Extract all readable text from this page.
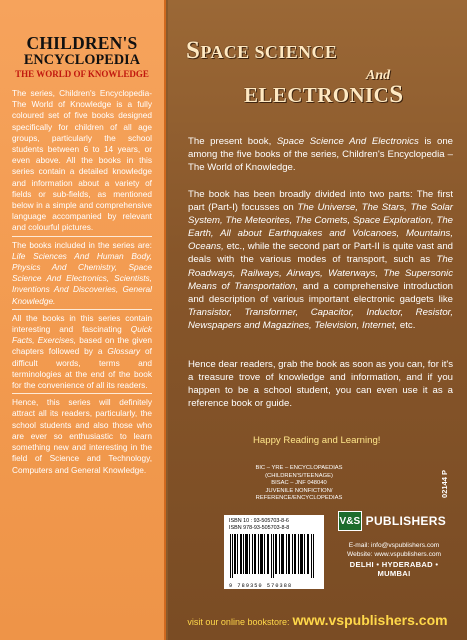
CHILDREN'S
ENCYCLOPEDIA
THE WORLD OF KNOWLEDGE

The series, Children's Encyclopedia-The World of Knowledge is a fully coloured set of five books designed specifically for children of all age groups, particularly the school students between 6 to 14 years, or even above. All the books in this series contain a detailed knowledge and information about a variety of fields or sub-fields, as mentioned below in a simple and comprehensive language accompanied by relevant and colourful pictures.

The books included in the series are: Life Sciences And Human Body, Physics And Chemistry, Space Science And Electronics, Scientists, Inventions And Discoveries, General Knowledge.

All the books in this series contain interesting and fascinating Quick Facts, Exercises, based on the given chapters followed by a Glossary of difficult words, terms and terminologies at the end of the book for the convenience of all its readers.

Hence, this series will definitely attract all its readers, particularly, the school students and also those who are ever so enthusiastic to learn something new and interesting in the field of Science and Technology, Computers and General Knowledge.

SPACE SCIENCE
And
ELECTRONICS

The present book, Space Science And Electronics is one among the five books of the series, Children's Encyclopedia – The World of Knowledge.

The book has been broadly divided into two parts: The first part (Part-I) focusses on The Universe, The Stars, The Solar System, The Meteorites, The Comets, Space Exploration, The Earth, All about Earthquakes and Volcanoes, Mountains, Oceans, etc., while the second part or Part-II is quite vast and deals with the various modes of transport, such as The Roadways, Railways, Airways, Waterways, The Supersonic Means of Transportation, and a comprehensive introduction and description of various important electronic gadgets like Transistor, Transformer, Capacitor, Inductor, Resistor, Newspapers and Magazines, Television, Internet, etc.

Hence dear readers, grab the book as soon as you can, for it's a treasure trove of knowledge and information, and if you happen to be a school student, you can even use it as a reference book or guide.

Happy Reading and Learning!
BIC – YRE – ENCYCLOPAEDIAS
(CHILDREN'S/TEENAGE)
BISAC – JNF 048040
JUVENILE NONFICTION/
REFERENCE/ENCYCLOPEDIAS
ISBN 10 : 93-505703-8-6
ISBN 978-93-505703-8-8
9 789350 570388
02144 P
V&S PUBLISHERS
E-mail: info@vspublishers.com
Website: www.vspublishers.com
DELHI • HYDERABAD • MUMBAI
visit our online bookstore: www.vspublishers.com
